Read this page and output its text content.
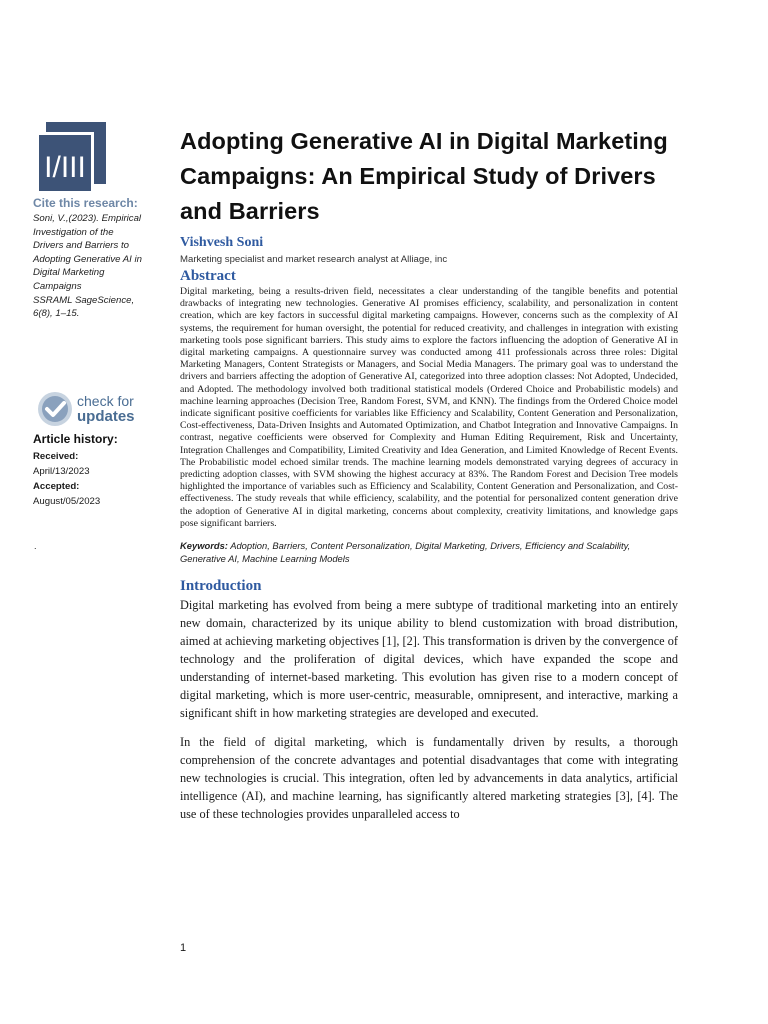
I/III
Cite this research:
Soni, V.,(2023). Empirical
Investigation of the
Drivers and Barriers to
Adopting Generative AI in
Digital Marketing
Campaigns
SSRAML SageScience,
6(8), 1–15.
check for
updates
Article history:
Received:
April/13/2023
Accepted:
August/05/2023
.
Adopting Generative AI in Digital Marketing Campaigns: An Empirical Study of Drivers and Barriers
Vishvesh Soni
Marketing specialist and market research analyst at Alliage, inc
Abstract
Digital marketing, being a results-driven field, necessitates a clear understanding of the tangible benefits and potential drawbacks of integrating new technologies. Generative AI promises efficiency, scalability, and personalization in content creation, which are key factors in successful digital marketing campaigns. However, concerns such as the complexity of AI systems, the requirement for human oversight, the potential for reduced creativity, and challenges in integration with existing marketing tools pose significant barriers. This study aims to explore the factors influencing the adoption of Generative AI in digital marketing campaigns. A questionnaire survey was conducted among 411 professionals across three roles: Digital Marketing Managers, Content Strategists or Managers, and Social Media Managers. The primary goal was to understand the drivers and barriers affecting the adoption of Generative AI, categorized into three adoption classes: Not Adopted, Undecided, and Adopted. The methodology involved both traditional statistical models (Ordered Choice and Probabilistic models) and machine learning approaches (Decision Tree, Random Forest, SVM, and KNN). The findings from the Ordered Choice model indicate significant positive coefficients for variables like Efficiency and Scalability, Content Generation and Personalization, Cost-effectiveness, Data-Driven Insights and Automated Optimization, and Chatbot Integration and Innovative Campaigns. In contrast, negative coefficients were observed for Complexity and Human Editing Requirement, Risk and Uncertainty, Integration Challenges and Compatibility, Limited Creativity and Idea Generation, and Limited Knowledge of Recent Events. The Probabilistic model echoed similar trends. The machine learning models demonstrated varying degrees of accuracy in predicting adoption classes, with SVM showing the highest accuracy at 83%. The Random Forest and Decision Tree models highlighted the importance of variables such as Efficiency and Scalability, Content Generation and Personalization, and Cost-effectiveness. The study reveals that while efficiency, scalability, and the potential for personalized content generation drive the adoption of Generative AI in digital marketing, concerns about complexity, creativity limitations, and knowledge gaps pose significant barriers.
Keywords: Adoption, Barriers, Content Personalization, Digital Marketing, Drivers, Efficiency and Scalability, Generative AI, Machine Learning Models
Introduction

Digital marketing has evolved from being a mere subtype of traditional marketing into an entirely new domain, characterized by its unique ability to blend customization with broad distribution, aimed at achieving marketing objectives [1], [2]. This transformation is driven by the convergence of technology and the proliferation of digital devices, which have expanded the scope and understanding of internet-based marketing. This evolution has given rise to a modern concept of digital marketing, which is more user-centric, measurable, omnipresent, and interactive, marking a significant shift in how marketing strategies are developed and executed.

In the field of digital marketing, which is fundamentally driven by results, a thorough comprehension of the concrete advantages and potential disadvantages that come with integrating new technologies is crucial. This integration, often led by advancements in data analytics, artificial intelligence (AI), and machine learning, has significantly altered marketing strategies [3], [4]. The use of these technologies provides unparalleled access to

1
